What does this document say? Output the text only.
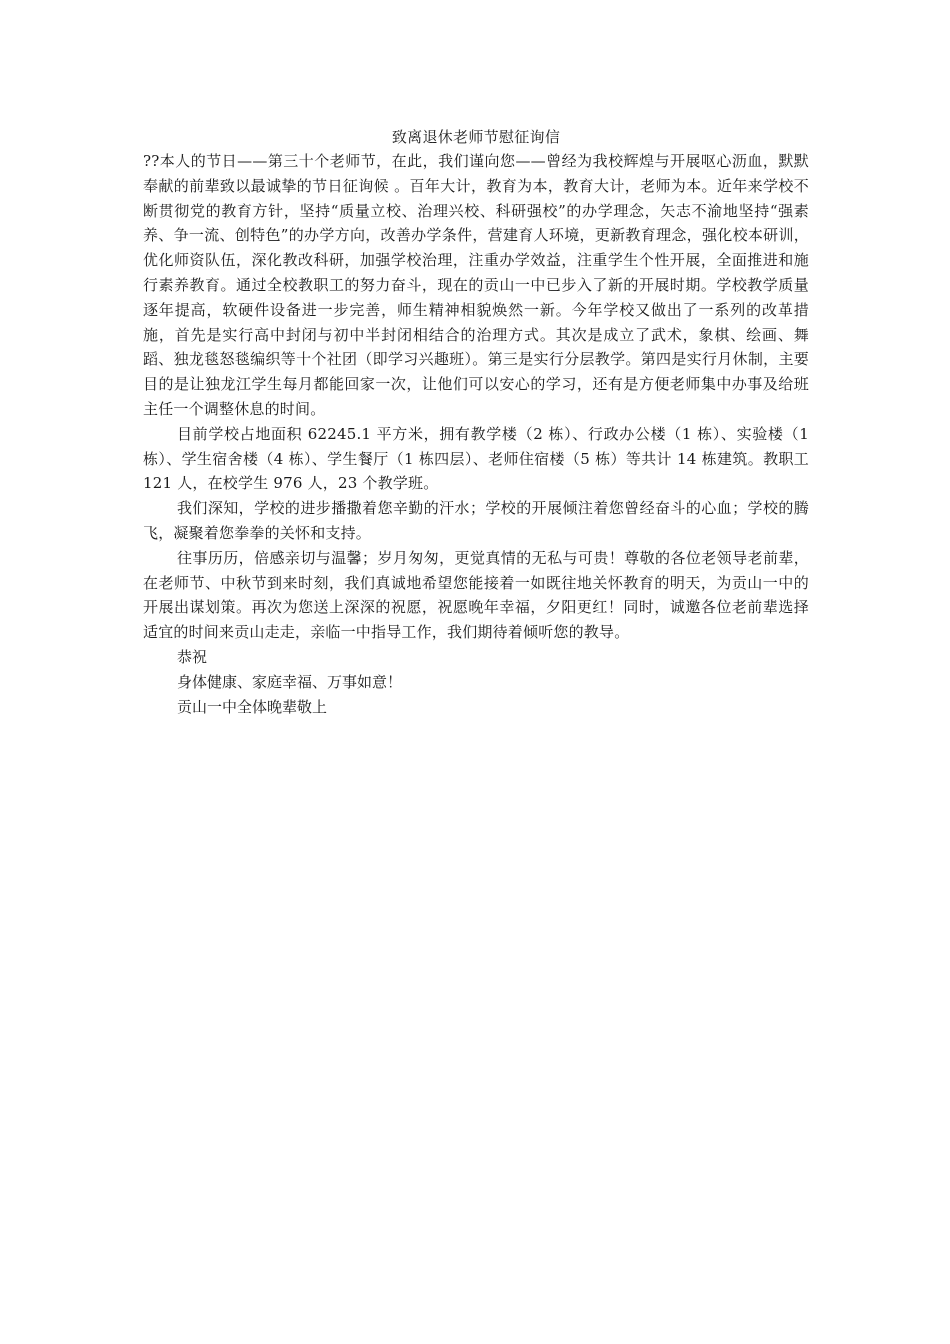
致离退休老师节慰征询信

??本人的节日——第三十个老师节，在此，我们谨向您——曾经为我校辉煌与开展呕心沥血，默默奉献的前辈致以最诚挚的节日征询候 。百年大计，教育为本，教育大计，老师为本。近年来学校不断贯彻党的教育方针，坚持“质量立校、治理兴校、科研强校”的办学理念，矢志不渝地坚持“强素养、争一流、创特色”的办学方向，改善办学条件，营建育人环境，更新教育理念，强化校本研训，优化师资队伍，深化教改科研，加强学校治理，注重办学效益，注重学生个性开展，全面推进和施行素养教育。通过全校教职工的努力奋斗，现在的贡山一中已步入了新的开展时期。学校教学质量逐年提高，软硬件设备进一步完善，师生精神相貌焕然一新。今年学校又做出了一系列的改革措施，首先是实行高中封闭与初中半封闭相结合的治理方式。其次是成立了武术，象棋、绘画、舞蹈、独龙毯怒毯编织等十个社团（即学习兴趣班）。第三是实行分层教学。第四是实行月休制，主要目的是让独龙江学生每月都能回家一次，让他们可以安心的学习，还有是方便老师集中办事及给班主任一个调整休息的时间。

目前学校占地面积 62245.1 平方米，拥有教学楼（2 栋）、行政办公楼（1 栋）、实验楼（1 栋）、学生宿舍楼（4 栋）、学生餐厅（1 栋四层）、老师住宿楼（5 栋）等共计 14 栋建筑。教职工 121 人，在校学生 976 人，23 个教学班。

我们深知，学校的进步播撒着您辛勤的汗水；学校的开展倾注着您曾经奋斗的心血；学校的腾飞，凝聚着您拳拳的关怀和支持。

往事历历，倍感亲切与温馨；岁月匆匆，更觉真情的无私与可贵！尊敬的各位老领导老前辈，在老师节、中秋节到来时刻，我们真诚地希望您能接着一如既往地关怀教育的明天，为贡山一中的开展出谋划策。再次为您送上深深的祝愿，祝愿晚年幸福，夕阳更红！同时，诚邀各位老前辈选择适宜的时间来贡山走走，亲临一中指导工作，我们期待着倾听您的教导。

恭祝

身体健康、家庭幸福、万事如意！

贡山一中全体晚辈敬上
